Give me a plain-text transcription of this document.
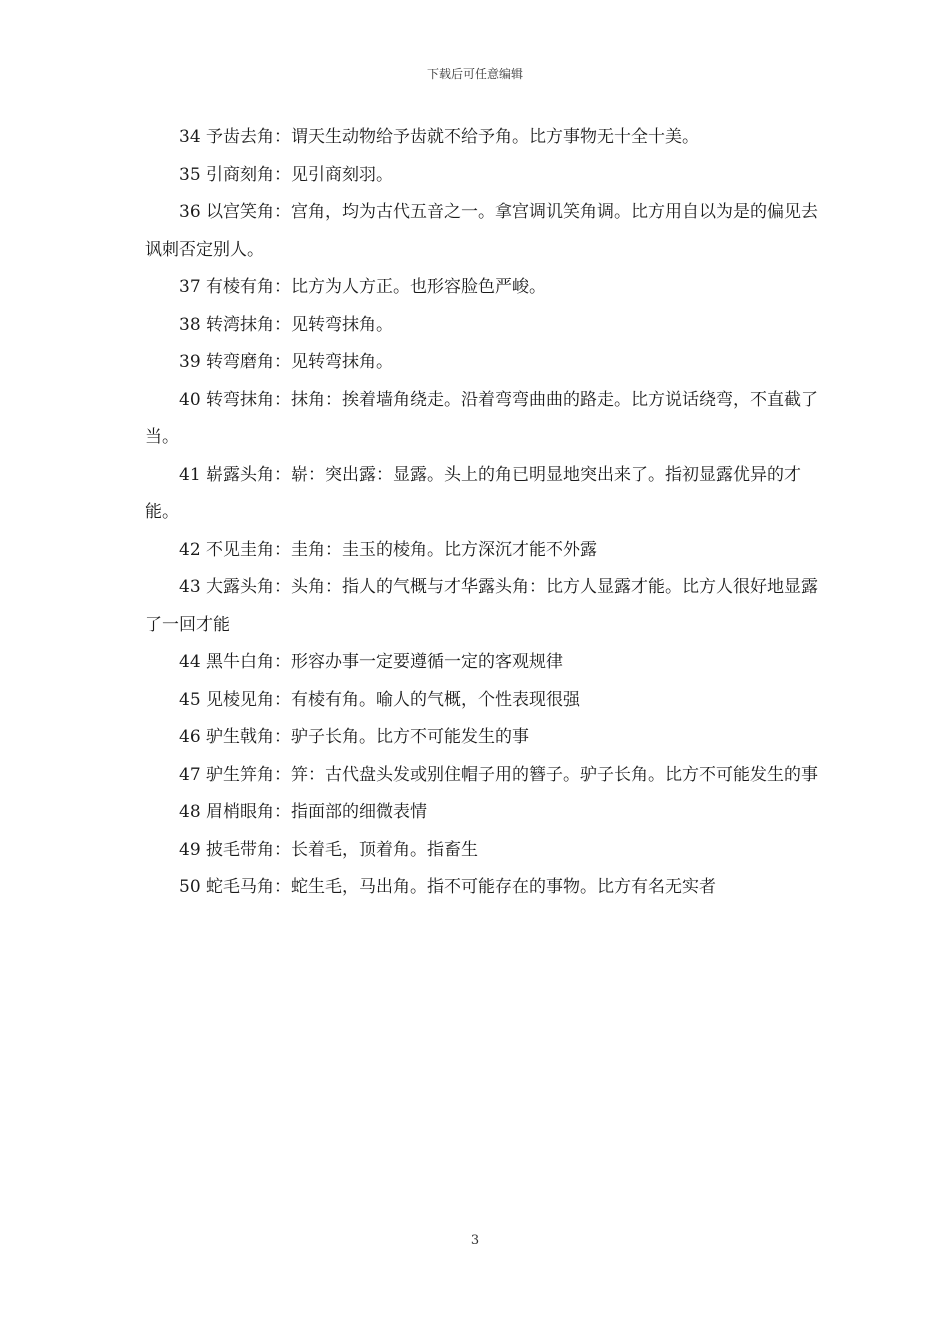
下载后可任意编辑

34 予齿去角：谓天生动物给予齿就不给予角。比方事物无十全十美。

35 引商刻角：见引商刻羽。

36 以宫笑角：宫角，均为古代五音之一。拿宫调讥笑角调。比方用自以为是的偏见去讽刺否定别人。

37 有棱有角：比方为人方正。也形容脸色严峻。

38 转湾抹角：见转弯抹角。

39 转弯磨角：见转弯抹角。

40 转弯抹角：抹角：挨着墙角绕走。沿着弯弯曲曲的路走。比方说话绕弯，不直截了当。

41 崭露头角：崭：突出露：显露。头上的角已明显地突出来了。指初显露优异的才能。

42 不见圭角：圭角：圭玉的棱角。比方深沉才能不外露

43 大露头角：头角：指人的气概与才华露头角：比方人显露才能。比方人很好地显露了一回才能

44 黑牛白角：形容办事一定要遵循一定的客观规律

45 见棱见角：有棱有角。喻人的气概，个性表现很强

46 驴生戟角：驴子长角。比方不可能发生的事

47 驴生笄角：笄：古代盘头发或别住帽子用的簪子。驴子长角。比方不可能发生的事

48 眉梢眼角：指面部的细微表情

49 披毛带角：长着毛，顶着角。指畜生

50 蛇毛马角：蛇生毛，马出角。指不可能存在的事物。比方有名无实者

3
